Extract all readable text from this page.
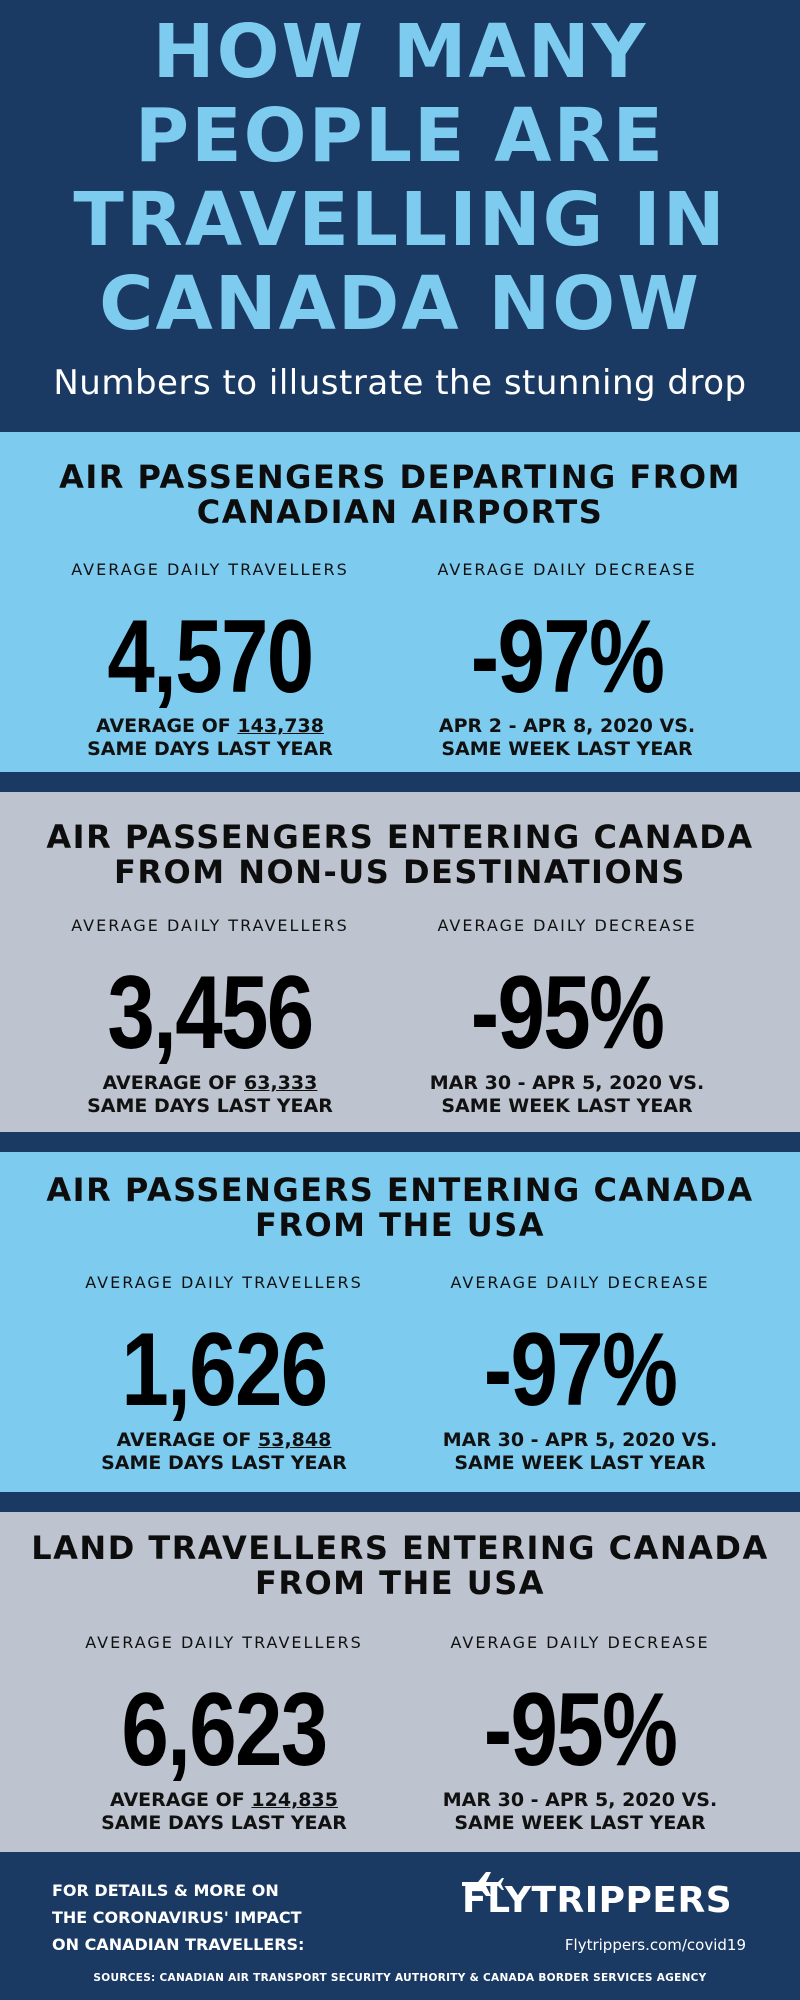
HOW MANY
PEOPLE ARE
TRAVELLING IN
CANADA NOW
Numbers to illustrate the stunning drop
AIR PASSENGERS DEPARTING FROM
CANADIAN AIRPORTS
AVERAGE DAILY TRAVELLERS	AVERAGE DAILY DECREASE
4,570	-97%
AVERAGE OF 143,738
SAME DAYS LAST YEAR
APR 2 - APR 8, 2020 VS.
SAME WEEK LAST YEAR
AIR PASSENGERS ENTERING CANADA
FROM NON-US DESTINATIONS
AVERAGE DAILY TRAVELLERS	AVERAGE DAILY DECREASE
3,456	-95%
AVERAGE OF 63,333
SAME DAYS LAST YEAR
MAR 30 - APR 5, 2020 VS.
SAME WEEK LAST YEAR
AIR PASSENGERS ENTERING CANADA
FROM THE USA
AVERAGE DAILY TRAVELLERS	AVERAGE DAILY DECREASE
1,626	-97%
AVERAGE OF 53,848
SAME DAYS LAST YEAR
MAR 30 - APR 5, 2020 VS.
SAME WEEK LAST YEAR
LAND TRAVELLERS ENTERING CANADA
FROM THE USA
AVERAGE DAILY TRAVELLERS	AVERAGE DAILY DECREASE
6,623	-95%
AVERAGE OF 124,835
SAME DAYS LAST YEAR
MAR 30 - APR 5, 2020 VS.
SAME WEEK LAST YEAR
FOR DETAILS & MORE ON
THE CORONAVIRUS' IMPACT
ON CANADIAN TRAVELLERS:
FLYTRIPPERS
Flytrippers.com/covid19
SOURCES: CANADIAN AIR TRANSPORT SECURITY AUTHORITY & CANADA BORDER SERVICES AGENCY
